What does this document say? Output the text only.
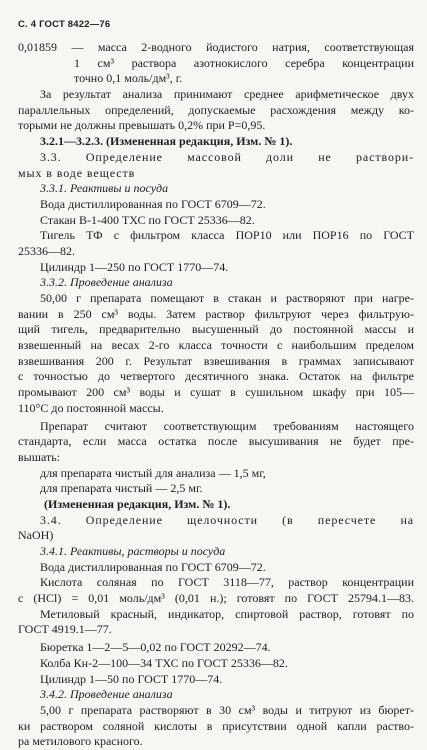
С. 4 ГОСТ 8422—76
0,01859 — масса 2-водного йодистого натрия, соответствующая
1 см³ раствора азотнокислого серебра концентрации
точно 0,1 моль/дм³, г.
За результат анализа принимают среднее арифметическое двух
параллельных определений, допускаемые расхождения между ко-
торыми не должны превышать 0,2% при P=0,95.
3.2.1—3.2.3. (Измененная редакция, Изм. № 1).
3.3. Определение массовой доли не раствори-
мых в воде веществ
3.3.1. Реактивы и посуда
Вода дистиллированная по ГОСТ 6709—72.
Стакан В-1-400 ТХС по ГОСТ 25336—82.
Тигель ТФ с фильтром класса ПОР10 или ПОР16 по ГОСТ
25336—82.
Цилиндр 1—250 по ГОСТ 1770—74.
3.3.2. Проведение анализа
50,00 г препарата помещают в стакан и растворяют при нагре-
вании в 250 см³ воды. Затем раствор фильтруют через фильтрую-
щий тигель, предварительно высушенный до постоянной массы и
взвешенный на весах 2-го класса точности с наибольшим пределом
взвешивания 200 г. Результат взвешивания в граммах записывают
с точностью до четвертого десятичного знака. Остаток на фильтре
промывают 200 см³ воды и сушат в сушильном шкафу при 105—
110°С до постоянной массы.
Препарат считают соответствующим требованиям настоящего
стандарта, если масса остатка после высушивания не будет пре-
вышать:
для препарата чистый для анализа — 1,5 мг,
для препарата чистый — 2,5 мг.
(Измененная редакция, Изм. № 1).
3.4. Определение щелочности (в пересчете на
NaOH)
3.4.1. Реактивы, растворы и посуда
Вода дистиллированная по ГОСТ 6709—72.
Кислота соляная по ГОСТ 3118—77, раствор концентрации
c (HCl) = 0,01 моль/дм³ (0,01 н.); готовят по ГОСТ 25794.1—83.
Метиловый красный, индикатор, спиртовой раствор, готовят по
ГОСТ 4919.1—77.
Бюретка 1—2—5—0,02 по ГОСТ 20292—74.
Колба Кн-2—100—34 ТХС по ГОСТ 25336—82.
Цилиндр 1—50 по ГОСТ 1770—74.
3.4.2. Проведение анализа
5,00 г препарата растворяют в 30 см³ воды и титруют из бюрет-
ки раствором соляной кислоты в присутствии одной капли раство-
ра метилового красного.
